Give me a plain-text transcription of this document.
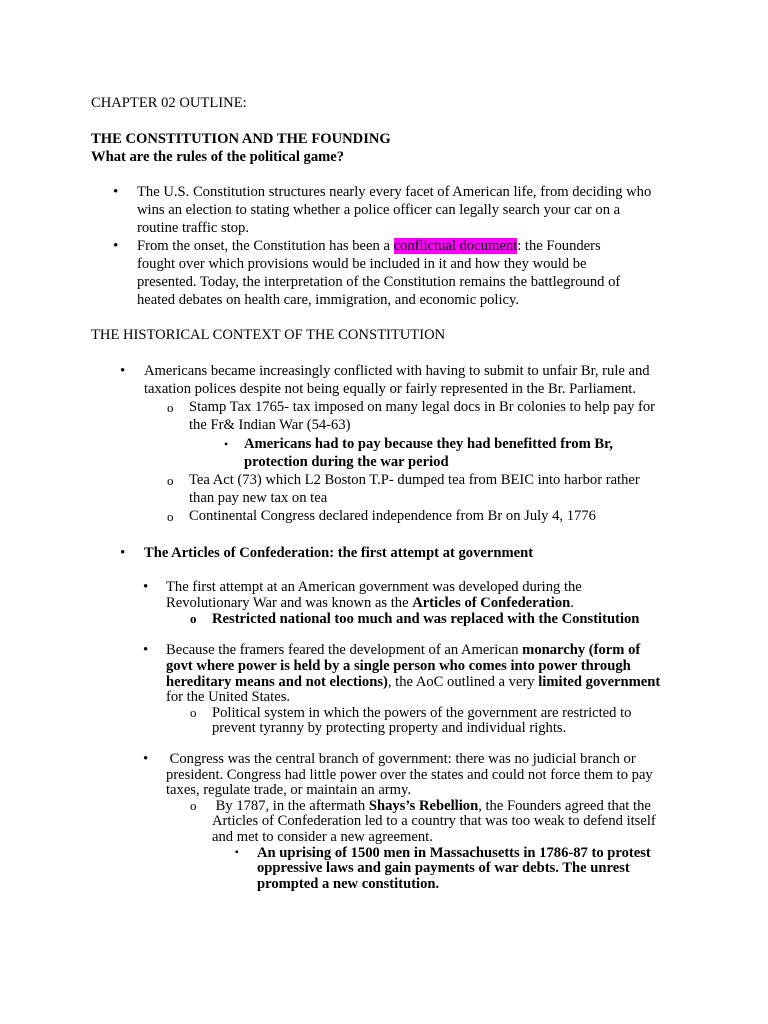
CHAPTER 02 OUTLINE:
THE CONSTITUTION AND THE FOUNDING
What are the rules of the political game?
• The U.S. Constitution structures nearly every facet of American life, from deciding who
wins an election to stating whether a police officer can legally search your car on a
routine traffic stop.
• From the onset, the Constitution has been a conflictual document: the Founders
fought over which provisions would be included in it and how they would be
presented. Today, the interpretation of the Constitution remains the battleground of
heated debates on health care, immigration, and economic policy.
THE HISTORICAL CONTEXT OF THE CONSTITUTION
• Americans became increasingly conflicted with having to submit to unfair Br, rule and
taxation polices despite not being equally or fairly represented in the Br. Parliament.
o Stamp Tax 1765- tax imposed on many legal docs in Br colonies to help pay for
the Fr& Indian War (54-63)
• Americans had to pay because they had benefitted from Br,
protection during the war period
o Tea Act (73) which L2 Boston T.P- dumped tea from BEIC into harbor rather
than pay new tax on tea
o Continental Congress declared independence from Br on July 4, 1776
• The Articles of Confederation: the first attempt at government
• The first attempt at an American government was developed during the
Revolutionary War and was known as the Articles of Confederation.
o Restricted national too much and was replaced with the Constitution
• Because the framers feared the development of an American monarchy (form of
govt where power is held by a single person who comes into power through
hereditary means and not elections), the AoC outlined a very limited government
for the United States.
o Political system in which the powers of the government are restricted to
prevent tyranny by protecting property and individual rights.
• Congress was the central branch of government: there was no judicial branch or
president. Congress had little power over the states and could not force them to pay
taxes, regulate trade, or maintain an army.
o By 1787, in the aftermath Shays’s Rebellion, the Founders agreed that the
Articles of Confederation led to a country that was too weak to defend itself
and met to consider a new agreement.
▪ An uprising of 1500 men in Massachusetts in 1786-87 to protest
oppressive laws and gain payments of war debts. The unrest
prompted a new constitution.
